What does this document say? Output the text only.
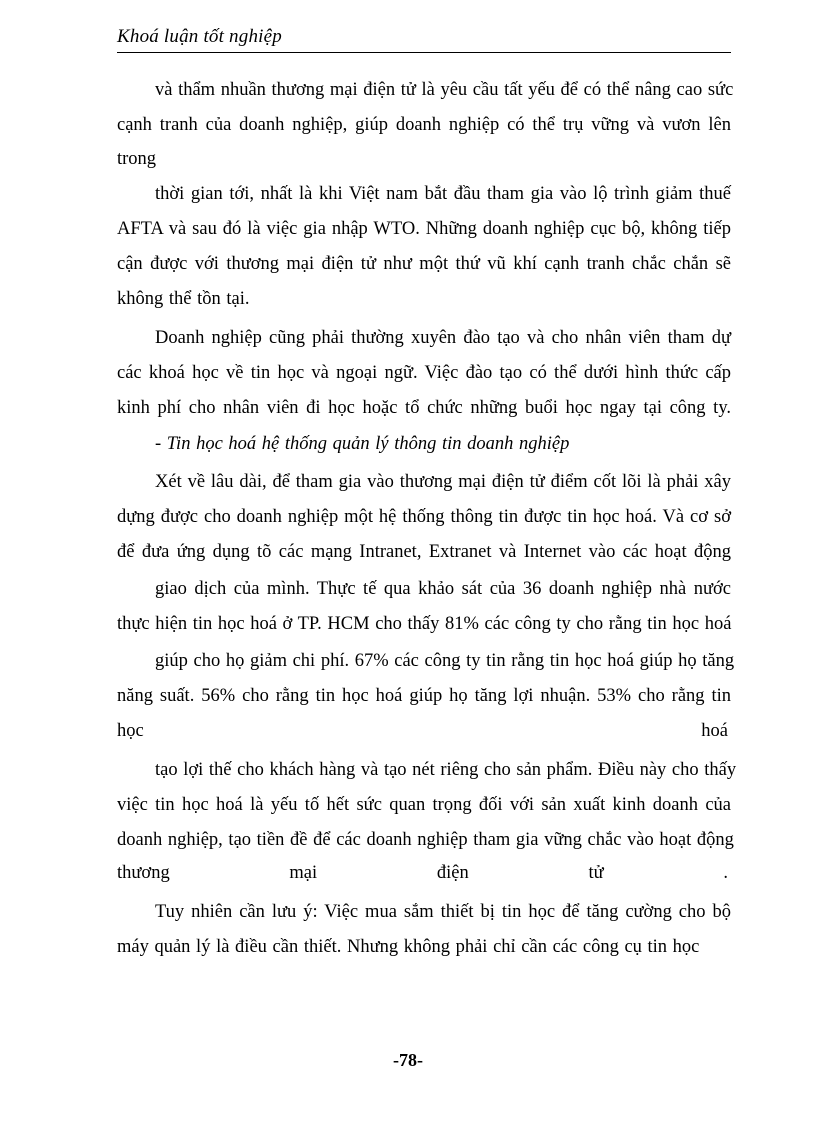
Khoá luận tốt nghiệp
và thẩm nhuần thương mại điện tử là yêu cầu tất yếu để có thể nâng cao sức
cạnh tranh của doanh nghiệp, giúp doanh nghiệp có thể trụ vững và vươn lên
trong
thời gian tới, nhất là khi Việt nam bắt đầu tham gia vào lộ trình giảm thuế
AFTA và sau đó là việc gia nhập WTO. Những doanh nghiệp cục bộ, không tiếp
cận được với thương mại điện tử như một thứ vũ khí cạnh tranh chắc chắn sẽ
không thể tồn tại.
Doanh nghiệp cũng phải thường xuyên đào tạo và cho nhân viên tham dự
các khoá học về tin học và ngoại ngữ. Việc đào tạo có thể dưới hình thức cấp
kinh phí cho nhân viên đi học hoặc tổ chức những buổi học ngay tại công ty.
- Tin học hoá hệ thống quản lý thông tin doanh nghiệp
Xét về lâu dài, để tham gia vào thương mại điện tử điểm cốt lõi là phải xây
dựng được cho doanh nghiệp một hệ thống thông tin được tin học hoá. Và cơ sở
để đưa ứng dụng tõ các mạng Intranet, Extranet và Internet vào các hoạt động
giao dịch của mình. Thực tế qua khảo sát của 36 doanh nghiệp nhà nước
thực hiện tin học hoá ở TP. HCM cho thấy 81% các công ty cho rằng tin học hoá
giúp cho họ giảm chi phí. 67% các công ty tin rằng tin học hoá giúp họ tăng
năng suất. 56% cho rằng tin học hoá giúp họ tăng lợi nhuận. 53% cho rằng tin
học	hoá
tạo lợi thế cho khách hàng và tạo nét riêng cho sản phẩm. Điều này cho thấy
việc tin học hoá là yếu tố hết sức quan trọng đối với sản xuất kinh doanh của
doanh nghiệp, tạo tiền đề để các doanh nghiệp tham gia vững chắc vào hoạt động
thương	mại	điện	tử	.
Tuy nhiên cần lưu ý: Việc mua sắm thiết bị tin học để tăng cường cho bộ
máy quản lý là điều cần thiết. Nhưng không phải chỉ cần các công cụ tin học
-78-
